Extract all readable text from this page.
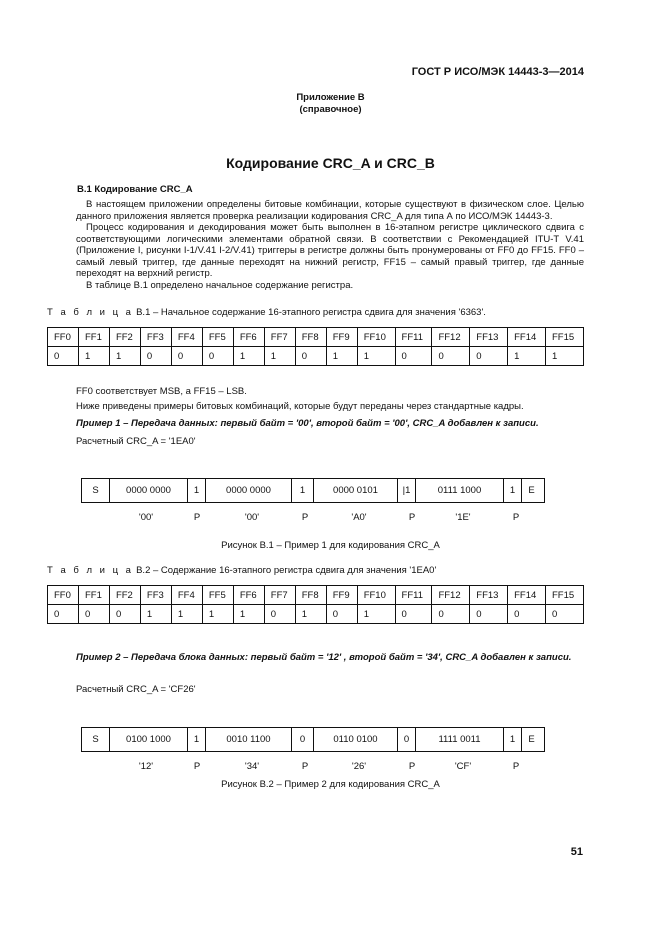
ГОСТ Р ИСО/МЭК 14443-3—2014
Приложение В
(справочное)
Кодирование CRC_A и CRC_B
В.1 Кодирование CRC_A

В настоящем приложении определены битовые комбинации, которые существуют в физическом слое. Целью данного приложения является проверка реализации кодирования CRC_A для типа А по ИСО/МЭК 14443-3.

Процесс кодирования и декодирования может быть выполнен в 16-этапном регистре циклического сдвига с соответствующими логическими элементами обратной связи. В соответствии с Рекомендацией ITU-T V.41 (Приложение I, рисунки I-1/V.41 I-2/V.41) триггеры в регистре должны быть пронумерованы от FF0 до FF15. FF0 – самый левый триггер, где данные переходят на нижний регистр, FF15 – самый правый триггер, где данные переходят на верхний регистр.

В таблице В.1 определено начальное содержание регистра.

Т а б л и ц а В.1 – Начальное содержание 16-этапного регистра сдвига для значения '6363'.
FF0	FF1	FF2	FF3	FF4	FF5	FF6	FF7	FF8	FF9	FF10	FF11	FF12	FF13	FF14	FF15
0	1	1	0	0	0	1	1	0	1	1	0	0	0	1	1
FF0 соответствует MSB, а FF15 – LSB.
Ниже приведены примеры битовых комбинаций, которые будут переданы через стандартные кадры.
Пример 1 – Передача данных: первый байт = '00', второй байт = '00', CRC_A добавлен к записи.
Расчетный CRC_A = '1EA0'
S	0000 0000	1	0000 0000	1	0000 0101	|1	0111 1000	1	E
'00'	P	'00'	P	'A0'	P	'1E'	P
Рисунок В.1 – Пример 1 для кодирования CRC_A
Т а б л и ц а В.2 – Содержание 16-этапного регистра сдвига для значения '1EA0'
FF0	FF1	FF2	FF3	FF4	FF5	FF6	FF7	FF8	FF9	FF10	FF11	FF12	FF13	FF14	FF15
0	0	0	1	1	1	1	0	1	0	1	0	0	0	0	0
Пример 2 – Передача блока данных: первый байт = '12' , второй байт = '34', CRC_A добавлен к записи.
Расчетный CRC_A = 'CF26'
S	0100 1000	1	0010 1100	0	0110 0100	0	1111 0011	1	E
'12'	P	'34'	P	'26'	P	'CF'	P
Рисунок В.2 – Пример 2 для кодирования CRC_A
51
